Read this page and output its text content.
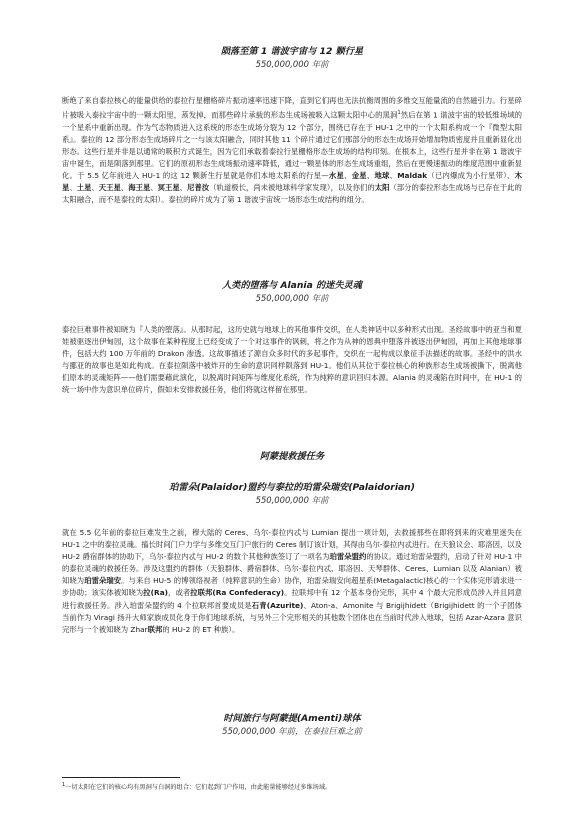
陨落至第 1 谐波宇宙与 12 颗行星

550,000,000 年前

断绝了来自泰拉核心的能量供给的泰拉行星栅格碎片振动速率迅速下降，直到它们再也无法抗衡周围的多维交互能量流的自然磁引力。行星碎片被吸入泰拉宇宙中的一颗太阳里，蒸发掉，而那些碎片承载的形态生成场被吸入这颗太阳中心的黑洞$^1$然后在第 1 谐波宇宙的较低维场域的一个星系中重新出现。作为气态物质进入这系统的形态生成场分裂为 12 个部分，围绕已存在于 HU-1 之中的一个太阳系构成一个『微型太阳系』。泰拉的 12 部分形态生成场碎片之一与该太阳融合，同时其他 11 个碎片通过它们那部分的形态生成场开始增加物质密度并且重新显化出形态。这些行星并非是以通常的吸积方式诞生，因为它们承载着泰拉行星栅格形态生成场的结构印刻。在根本上，这些行星并非在第 1 谐波宇宙中诞生，而是陨落到那里。它们的原初形态生成场振动速率降低，通过一颗星体的形态生成场重组，然后在更慢速振动的维度范围中重新显化。于 5.5 亿年前进入 HU-1 的这 12 颗新生行星就是你们本地太阳系的行星—水星、金星、地球、Maldak（已内爆成为小行星带）、木星、土星、天王星、海王星、冥王星、尼普汝（轨道极长，尚未被地球科学家发现），以及你们的太阳（部分的泰拉形态生成场与已存在于此的太阳融合，而不是泰拉的太阳）。泰拉的碎片成为了第 1 谐波宇宙统一场形态生成结构的组分。

人类的堕落与 Alania 的迷失灵魂

550,000,000 年前

泰拉巨难事件被知晓为『人类的堕落』。从那时起，这历史就与地球上的其他事件交织，在人类神话中以多种形式出现。圣经故事中的亚当和夏娃被驱逐出伊甸园，这个故事在某种程度上已经变成了一个对这事件的讽刺，将之作为从神的恩典中堕落并被逐出伊甸园，再加上其他地球事件，包括大约 100 万年前的 Drakon 渗透。这故事描述了源自众多时代的多起事件，交织在一起构成以象征手法描述的故事。圣经中的洪水与挪亚的故事也是如此构成。在泰拉陨落中被炸开的生命的意识同样陨落到 HU-1。他们从其位于泰拉核心的种族形态生成场被撕下，脱离他们原本的灵魂矩阵——他们需要藉此演化，以脱离时间矩阵与维度化系统，作为纯粹的意识回归本源。Alania 的灵魂陷在时间中，在 HU-1 的统一场中作为意识单位碎片，假如未安排救援任务，他们将就这样留在那里。

阿蒙提救援任务

珀雷朵(Palaidor)盟约与泰拉的珀雷朵瑞安(Palaidorian)

550,000,000 年前

就在 5.5 亿年前的泰拉巨难发生之前，穆大陆的 Ceres、乌尔-泰拉内忒与 Lumian 提出一项计划，去救援那些在即将到来的灾难里迷失在 HU-1 之中的泰拉灵魂。搐长时间门户力学与多维交互门户旅行的 Ceres 制订该计划，其得由乌尔-泰拉内忒进行。在天狼议会、耶洛因，以及 HU-2 爵宿群体的协助下，乌尔-泰拉内忒与 HU-2 的数个其他种族签订了一项名为珀雷朵盟约的协议。通过珀雷朵盟约，启动了针对 HU-1 中的泰拉灵魂的救援任务。涉及这盟约的群体（天狼群体、爵宿群体、乌尔-泰拉内忒、耶洛因、天琴群体、Ceres、Lumian 以及 Alanian）被知晓为珀雷朵瑞安。与来自 HU-5 的博领络视者（纯粹意识的生命）协作，珀雷朵瑞安向超星系(Metagalactic)核心的一个实体完形请求进一步协助；该实体被知晓为拉(Ra)，或者拉联邦(Ra Confederacy)。拉联邦中有 12 个基本身份完形，其中 4 个最大完形成员涉入并且同意进行救援任务。涉入珀雷朵盟约的 4 个拉联邦首要成员是石青(Azurite)、Aton-a、Amonite 与 Brigijhidett（Brigijhidett 的一个子团体当前作为 Viragi 扬升大师家族成员化身于你们地球系统，与另外三个完形相关的其他数个团体也在当前时代涉入地球，包括 Azar-Azara 意识完形与一个被知晓为 Zhar联邦的 HU-2 的 ET 种族）。

时间旅行与阿蒙提(Amenti)球体

550,000,000 年前，在泰拉巨难之前

$^1$一切太阳在它们的核心均有黑洞与白洞的组合：它们起到门户作用，由此能量能够经过多维场域。
